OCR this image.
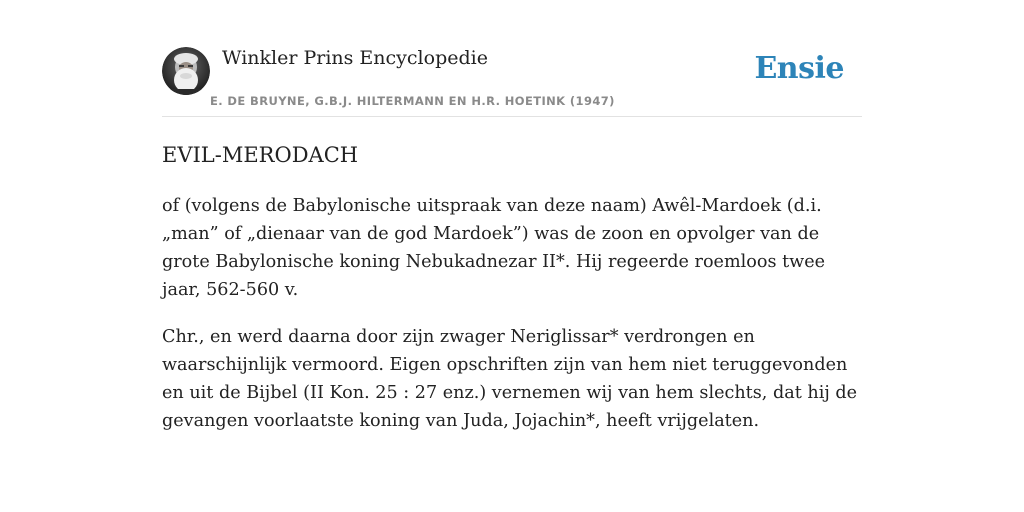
Winkler Prins Encyclopedie
E. DE BRUYNE, G.B.J. HILTERMANN EN H.R. HOETINK (1947)
Ensie
EVIL-MERODACH

of (volgens de Babylonische uitspraak van deze naam) Awêl-Mardoek (d.i. „man” of „dienaar van de god Mardoek”) was de zoon en opvolger van de grote Babylonische koning Nebukadnezar II*. Hij regeerde roemloos twee jaar, 562-560 v.

Chr., en werd daarna door zijn zwager Neriglissar* verdrongen en waarschijnlijk vermoord. Eigen opschriften zijn van hem niet teruggevonden en uit de Bijbel (II Kon. 25 : 27 enz.) vernemen wij van hem slechts, dat hij de gevangen voorlaatste koning van Juda, Jojachin*, heeft vrijgelaten.
